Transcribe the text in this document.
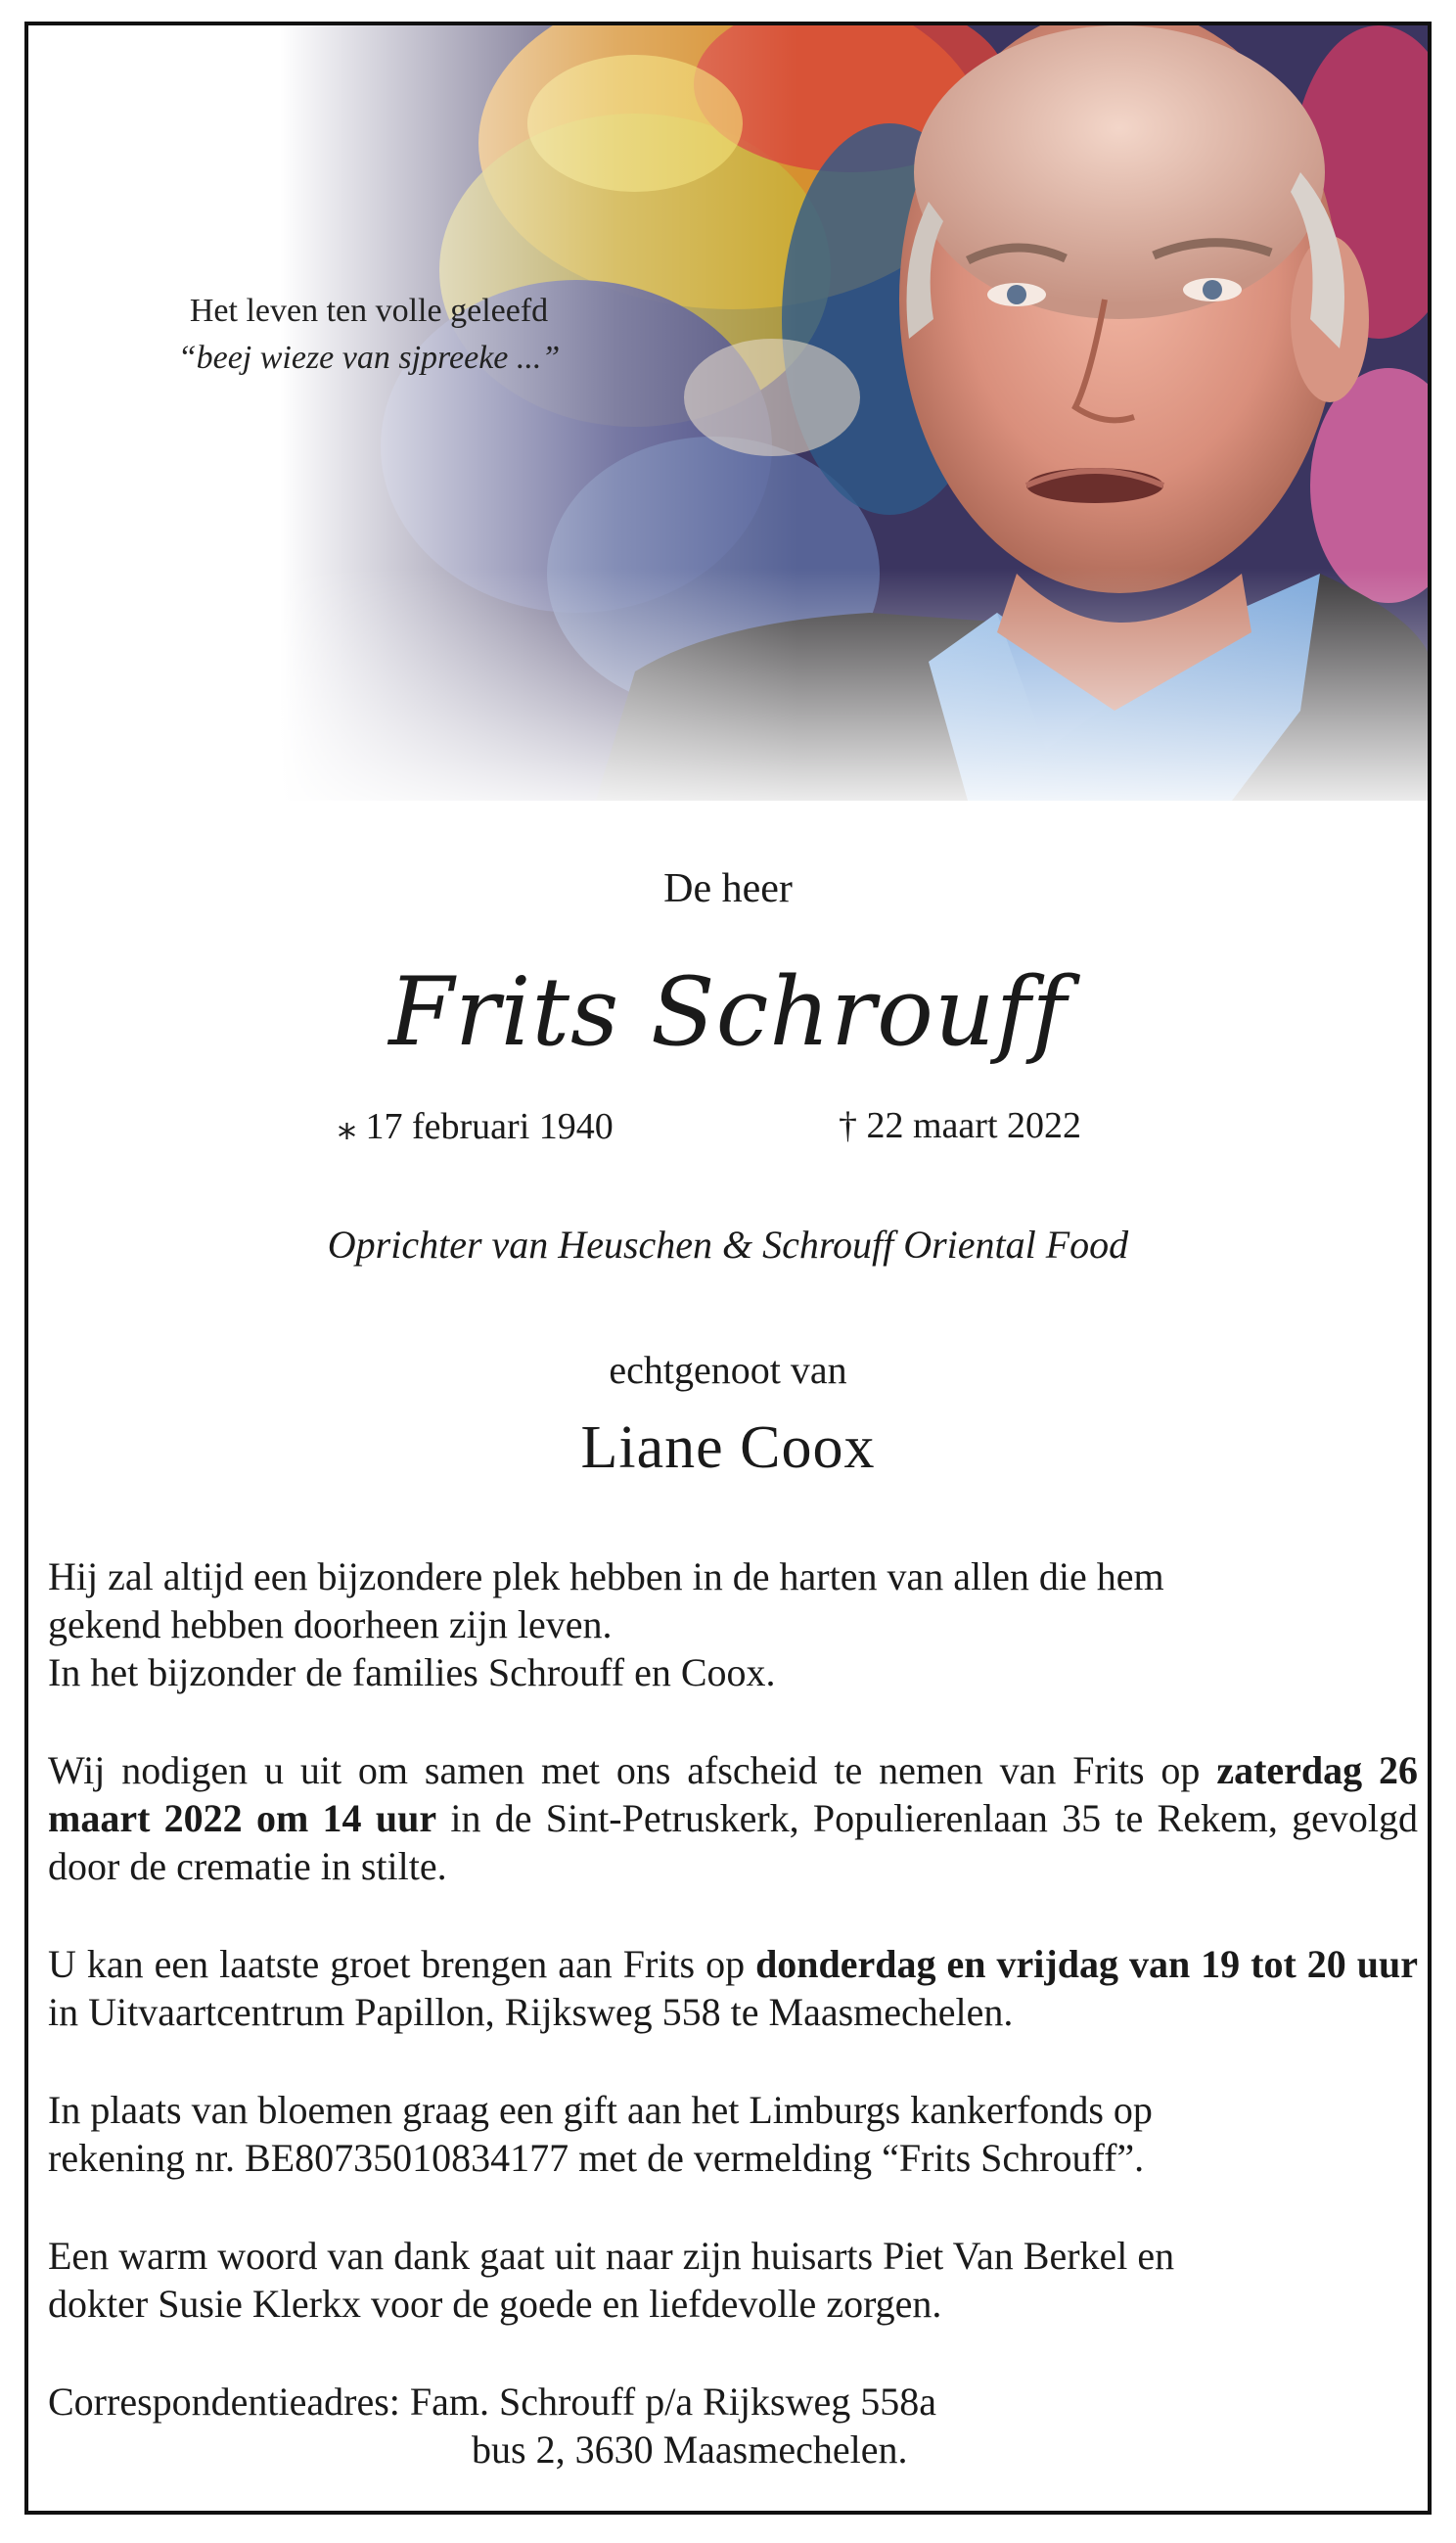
Het leven ten volle geleefd
“beej wieze van sjpreeke ...”
De heer
Frits Schrouff
⁎ 17 februari 1940	† 22 maart 2022
Oprichter van Heuschen & Schrouff Oriental Food
echtgenoot van
Liane Coox

Hij zal altijd een bijzondere plek hebben in de harten van allen die hem
gekend hebben doorheen zijn leven.
In het bijzonder de families Schrouff en Coox.

Wij nodigen u uit om samen met ons afscheid te nemen van Frits op zaterdag 26 maart 2022 om 14 uur in de Sint-Petruskerk, Populierenlaan 35 te Rekem, gevolgd door de crematie in stilte.

U kan een laatste groet brengen aan Frits op donderdag en vrijdag van 19 tot 20 uur in Uitvaartcentrum Papillon, Rijksweg 558 te Maasmechelen.

In plaats van bloemen graag een gift aan het Limburgs kankerfonds op
rekening nr. BE80735010834177 met de vermelding “Frits Schrouff”.

Een warm woord van dank gaat uit naar zijn huisarts Piet Van Berkel en
dokter Susie Klerkx voor de goede en liefdevolle zorgen.

Correspondentieadres: Fam. Schrouff p/a Rijksweg 558a
bus 2, 3630 Maasmechelen.
